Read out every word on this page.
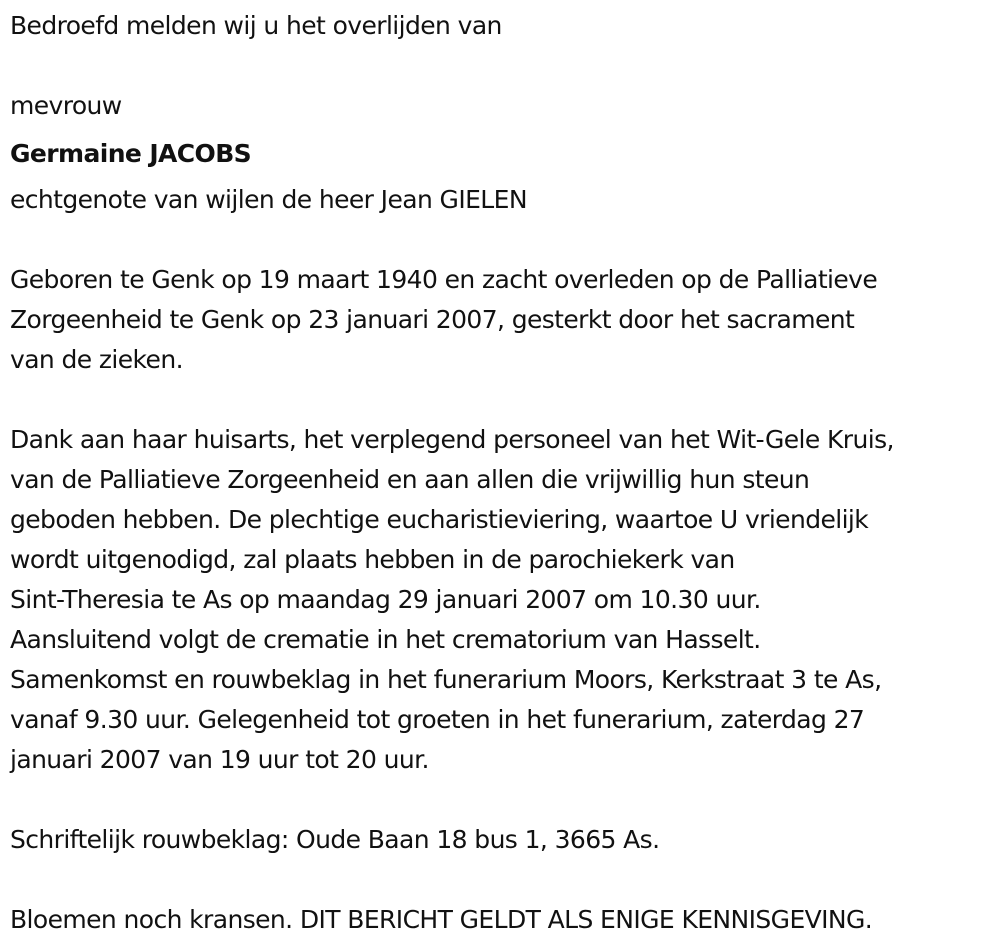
Bedroefd melden wij u het overlijden van

mevrouw

Germaine JACOBS

echtgenote van wijlen de heer Jean GIELEN

Geboren te Genk op 19 maart 1940 en zacht overleden op de Palliatieve

Zorgeenheid te Genk op 23 januari 2007, gesterkt door het sacrament

van de zieken.

Dank aan haar huisarts, het verplegend personeel van het Wit-Gele Kruis,

van de Palliatieve Zorgeenheid en aan allen die vrijwillig hun steun

geboden hebben. De plechtige eucharistieviering, waartoe U vriendelijk

wordt uitgenodigd, zal plaats hebben in de parochiekerk van

Sint-Theresia te As op maandag 29 januari 2007 om 10.30 uur.

Aansluitend volgt de crematie in het crematorium van Hasselt.

Samenkomst en rouwbeklag in het funerarium Moors, Kerkstraat 3 te As,

vanaf 9.30 uur. Gelegenheid tot groeten in het funerarium, zaterdag 27

januari 2007 van 19 uur tot 20 uur.

Schriftelijk rouwbeklag: Oude Baan 18 bus 1, 3665 As.

Bloemen noch kransen. DIT BERICHT GELDT ALS ENIGE KENNISGEVING.
